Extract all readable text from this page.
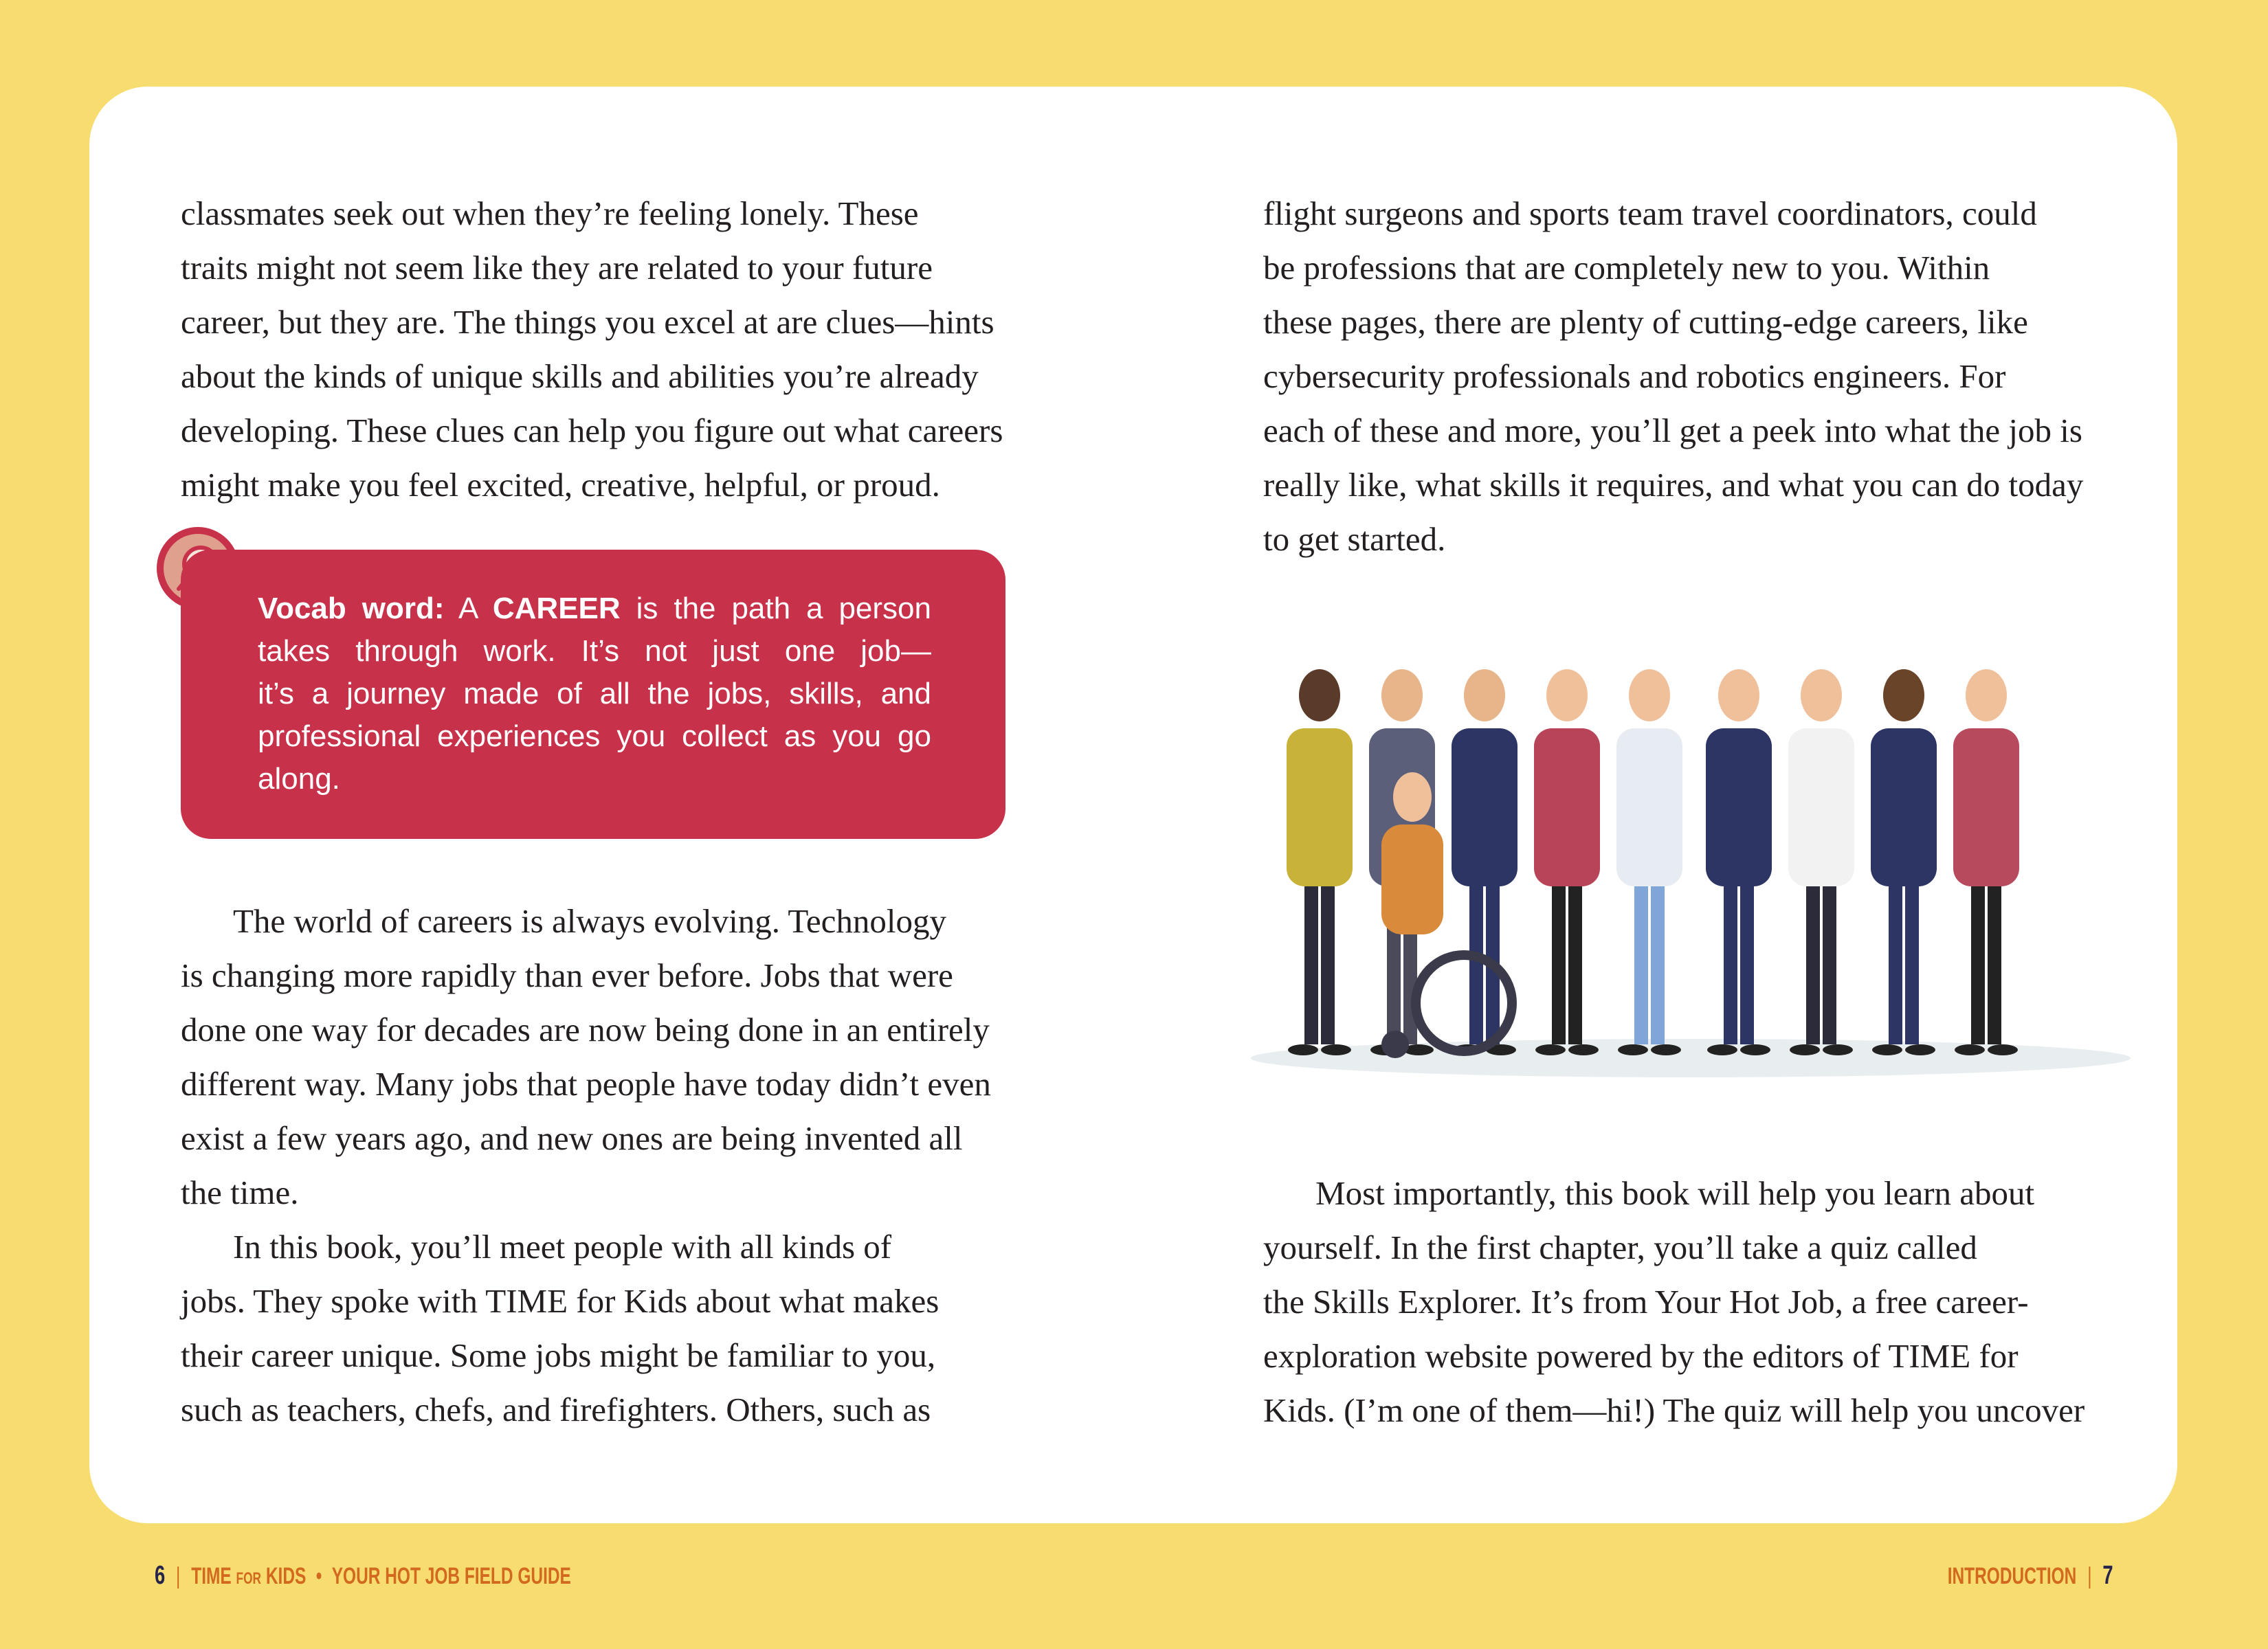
classmates seek out when they’re feeling lonely. These
traits might not seem like they are related to your future
career, but they are. The things you excel at are clues—hints
about the kinds of unique skills and abilities you’re already
developing. These clues can help you figure out what careers
might make you feel excited, creative, helpful, or proud.
Vocab word: A CAREER is the path a person
takes through work. It’s not just one job—
it’s a journey made of all the jobs, skills, and
professional experiences you collect as you go
along.
The world of careers is always evolving. Technology
is changing more rapidly than ever before. Jobs that were
done one way for decades are now being done in an entirely
different way. Many jobs that people have today didn’t even
exist a few years ago, and new ones are being invented all
the time.
In this book, you’ll meet people with all kinds of
jobs. They spoke with TIME for Kids about what makes
their career unique. Some jobs might be familiar to you,
such as teachers, chefs, and firefighters. Others, such as
flight surgeons and sports team travel coordinators, could
be professions that are completely new to you. Within
these pages, there are plenty of cutting-edge careers, like
cybersecurity professionals and robotics engineers. For
each of these and more, you’ll get a peek into what the job is
really like, what skills it requires, and what you can do today
to get started.
Most importantly, this book will help you learn about
yourself. In the first chapter, you’ll take a quiz called
the Skills Explorer. It’s from Your Hot Job, a free career-
exploration website powered by the editors of TIME for
Kids. (I’m one of them—hi!) The quiz will help you uncover
6 | TIME FOR KIDS • YOUR HOT JOB FIELD GUIDE	INTRODUCTION | 7
